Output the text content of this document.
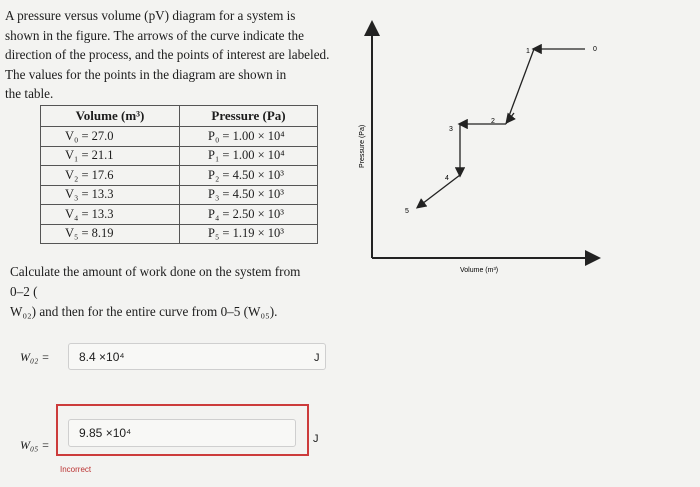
A pressure versus volume (pV) diagram for a system is

shown in the figure. The arrows of the curve indicate the

direction of the process, and the points of interest are labeled.

The values for the points in the diagram are shown in

the table.

Volume (m³)	Pressure (Pa)
V₀ = 27.0	P₀ = 1.00 × 10⁴
V₁ = 21.1	P₁ = 1.00 × 10⁴
V₂ = 17.6	P₂ = 4.50 × 10³
V₃ = 13.3	P₃ = 4.50 × 10³
V₄ = 13.3	P₄ = 2.50 × 10³
V₅ = 8.19	P₅ = 1.19 × 10³
Calculate the amount of work done on the system from 0–2 (
W₀₂) and then for the entire curve from 0–5 (W₀₅).
W₀₂ = 8.4 ×10⁴	J
9.85 ×10⁴
W₀₅ =	J
Incorrect
0
1
2
3
4
5
Pressure (Pa)
Volume (m³)
